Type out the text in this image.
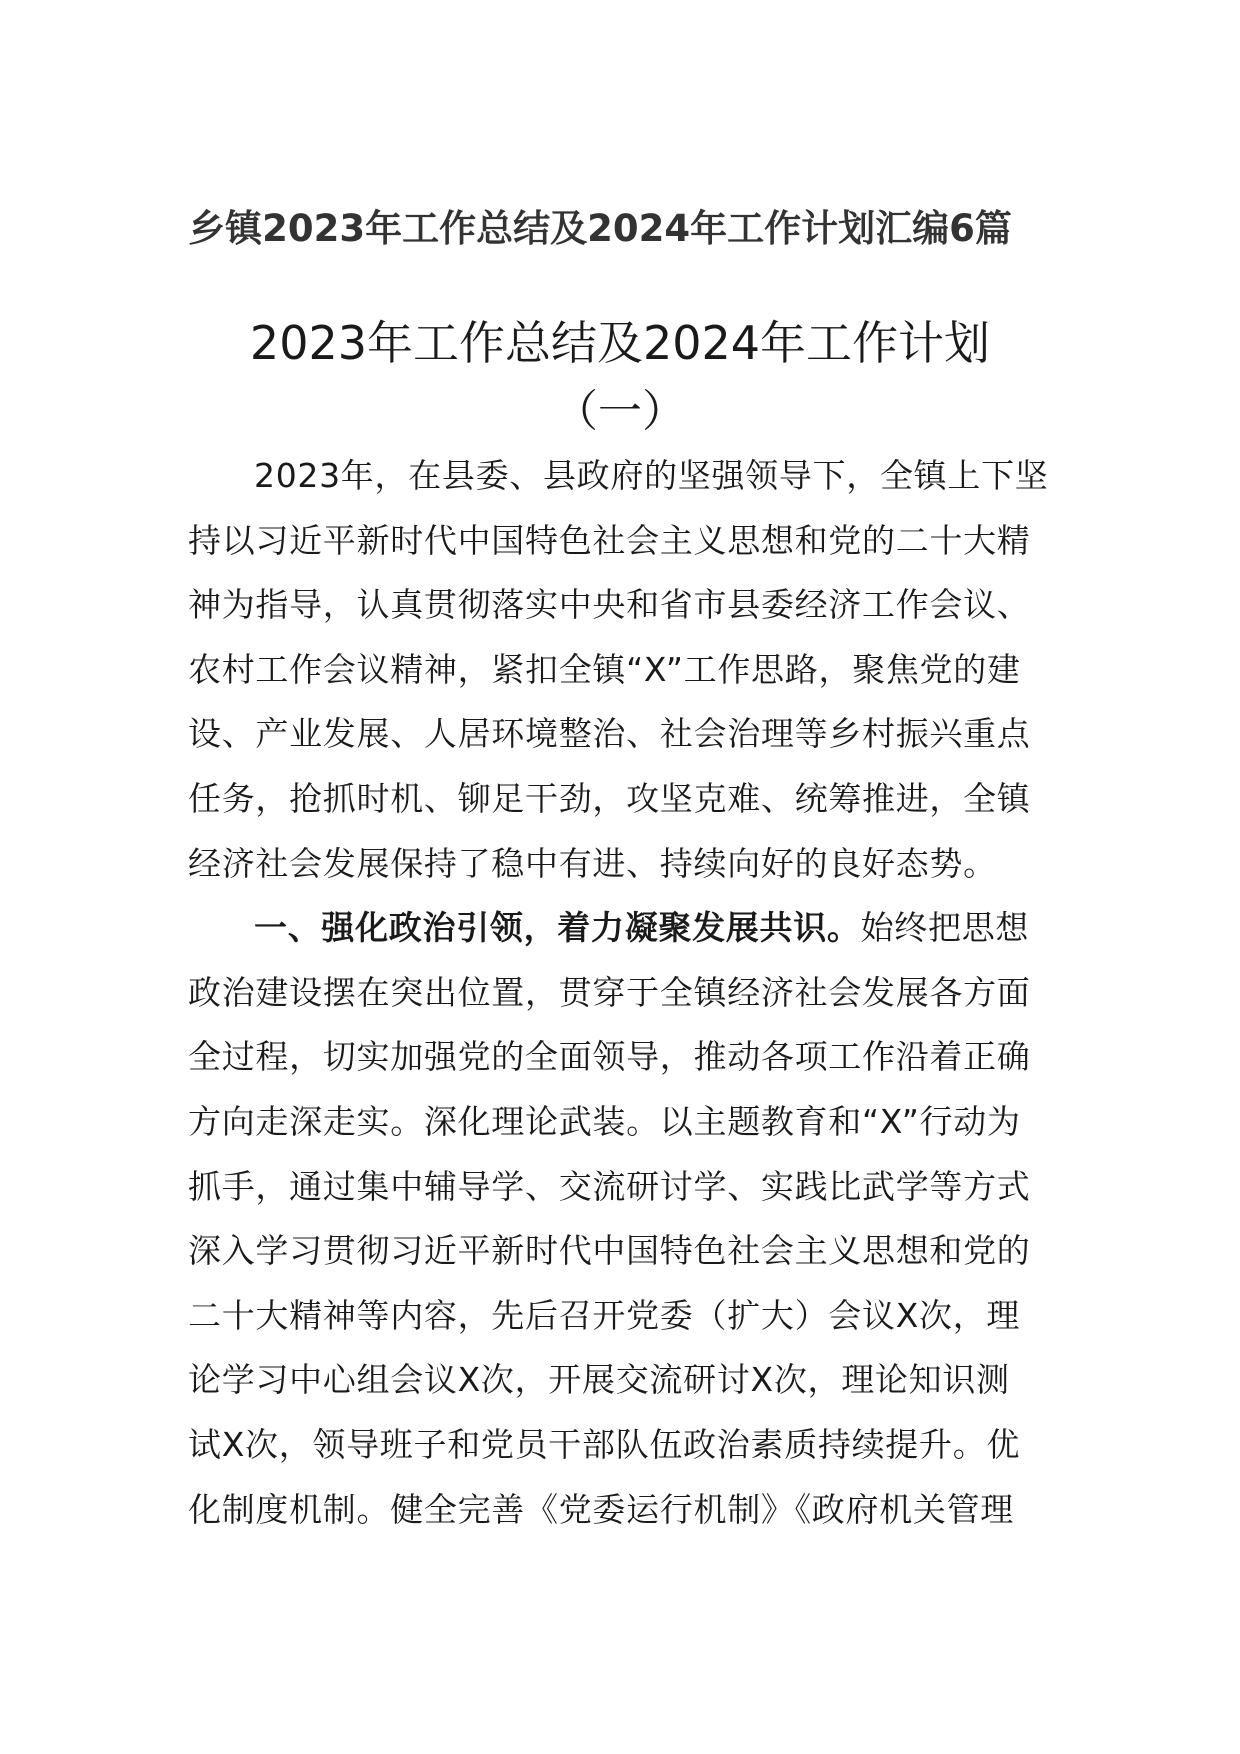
乡镇2023年工作总结及2024年工作计划汇编6篇
2023年工作总结及2024年工作计划
（一）
2023年，在县委、县政府的坚强领导下，全镇上下坚
持以习近平新时代中国特色社会主义思想和党的二十大精
神为指导，认真贯彻落实中央和省市县委经济工作会议、
农村工作会议精神，紧扣全镇“X”工作思路，聚焦党的建
设、产业发展、人居环境整治、社会治理等乡村振兴重点
任务，抢抓时机、铆足干劲，攻坚克难、统筹推进，全镇
经济社会发展保持了稳中有进、持续向好的良好态势。
一、强化政治引领，着力凝聚发展共识。始终把思想
政治建设摆在突出位置，贯穿于全镇经济社会发展各方面
全过程，切实加强党的全面领导，推动各项工作沿着正确
方向走深走实。深化理论武装。以主题教育和“X”行动为
抓手，通过集中辅导学、交流研讨学、实践比武学等方式
深入学习贯彻习近平新时代中国特色社会主义思想和党的
二十大精神等内容，先后召开党委（扩大）会议X次，理
论学习中心组会议X次，开展交流研讨X次，理论知识测
试X次，领导班子和党员干部队伍政治素质持续提升。优
化制度机制。健全完善《党委运行机制》《政府机关管理
